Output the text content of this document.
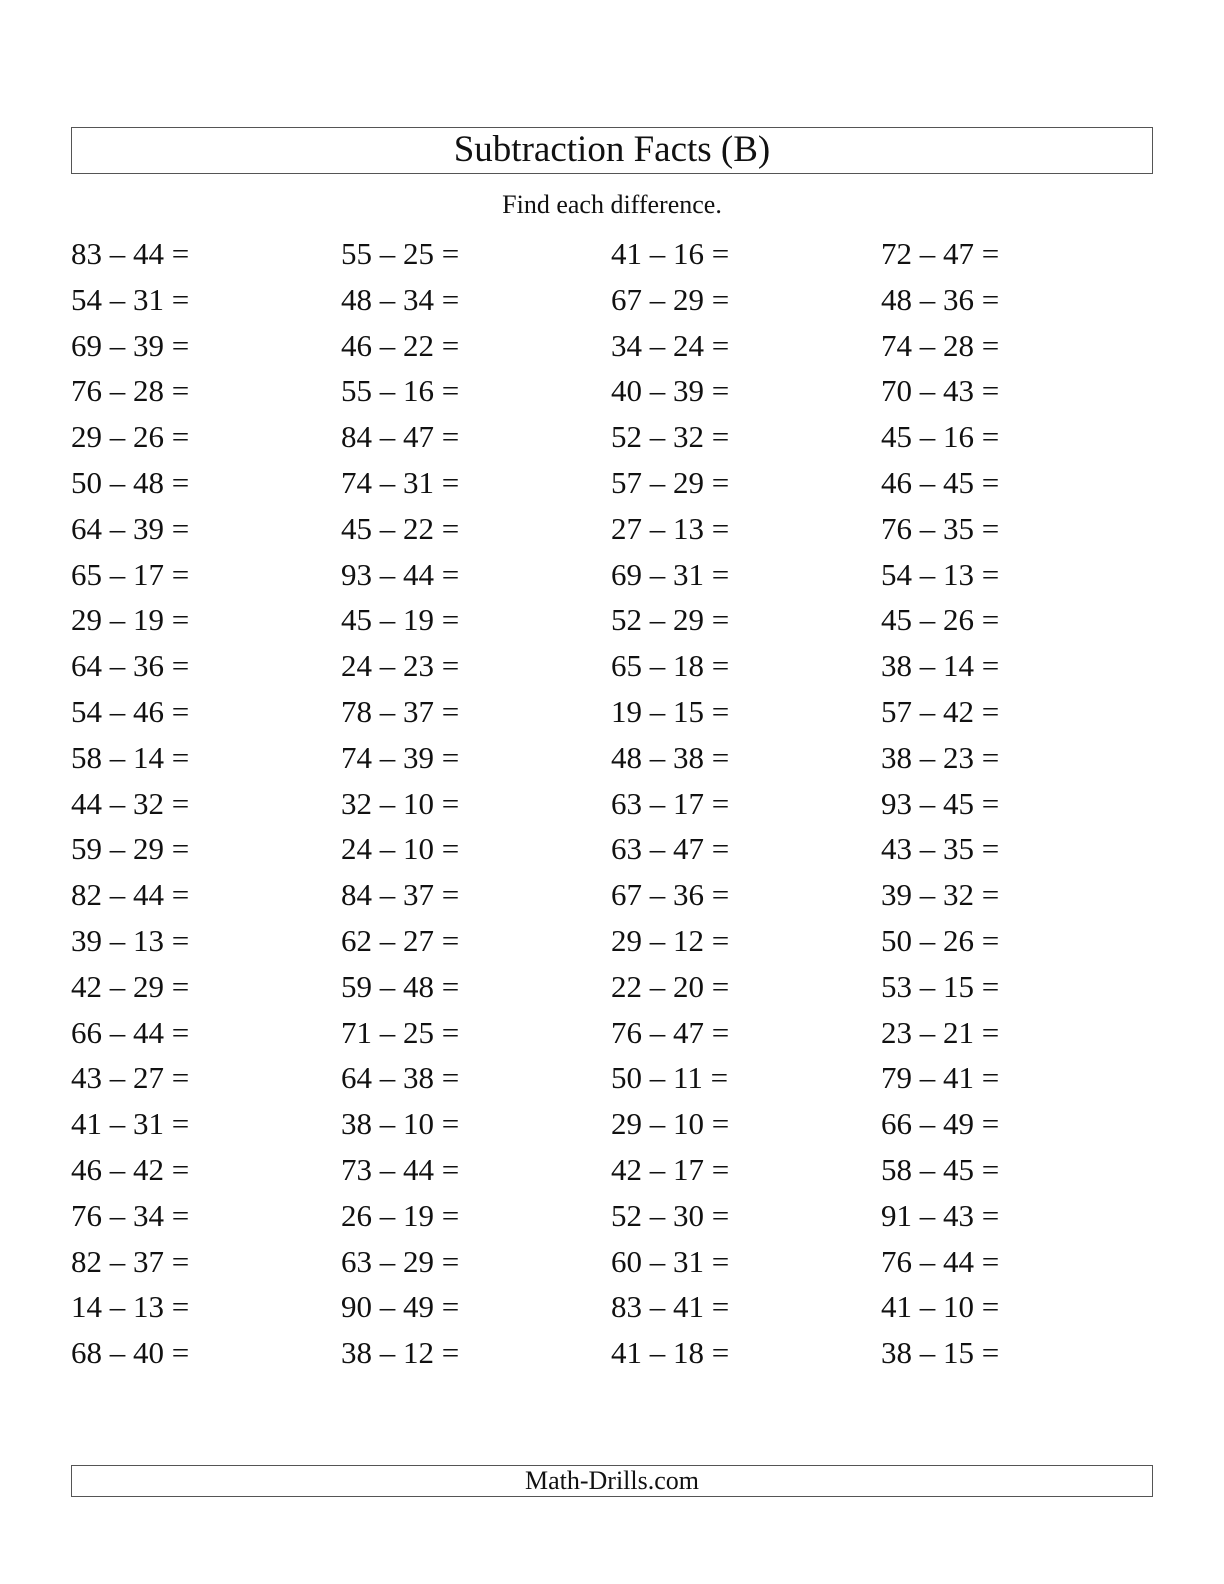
Subtraction Facts (B)
Find each difference.
83 – 44 =	55 – 25 =	41 – 16 =	72 – 47 =
54 – 31 =	48 – 34 =	67 – 29 =	48 – 36 =
69 – 39 =	46 – 22 =	34 – 24 =	74 – 28 =
76 – 28 =	55 – 16 =	40 – 39 =	70 – 43 =
29 – 26 =	84 – 47 =	52 – 32 =	45 – 16 =
50 – 48 =	74 – 31 =	57 – 29 =	46 – 45 =
64 – 39 =	45 – 22 =	27 – 13 =	76 – 35 =
65 – 17 =	93 – 44 =	69 – 31 =	54 – 13 =
29 – 19 =	45 – 19 =	52 – 29 =	45 – 26 =
64 – 36 =	24 – 23 =	65 – 18 =	38 – 14 =
54 – 46 =	78 – 37 =	19 – 15 =	57 – 42 =
58 – 14 =	74 – 39 =	48 – 38 =	38 – 23 =
44 – 32 =	32 – 10 =	63 – 17 =	93 – 45 =
59 – 29 =	24 – 10 =	63 – 47 =	43 – 35 =
82 – 44 =	84 – 37 =	67 – 36 =	39 – 32 =
39 – 13 =	62 – 27 =	29 – 12 =	50 – 26 =
42 – 29 =	59 – 48 =	22 – 20 =	53 – 15 =
66 – 44 =	71 – 25 =	76 – 47 =	23 – 21 =
43 – 27 =	64 – 38 =	50 – 11 =	79 – 41 =
41 – 31 =	38 – 10 =	29 – 10 =	66 – 49 =
46 – 42 =	73 – 44 =	42 – 17 =	58 – 45 =
76 – 34 =	26 – 19 =	52 – 30 =	91 – 43 =
82 – 37 =	63 – 29 =	60 – 31 =	76 – 44 =
14 – 13 =	90 – 49 =	83 – 41 =	41 – 10 =
68 – 40 =	38 – 12 =	41 – 18 =	38 – 15 =
Math-Drills.com
